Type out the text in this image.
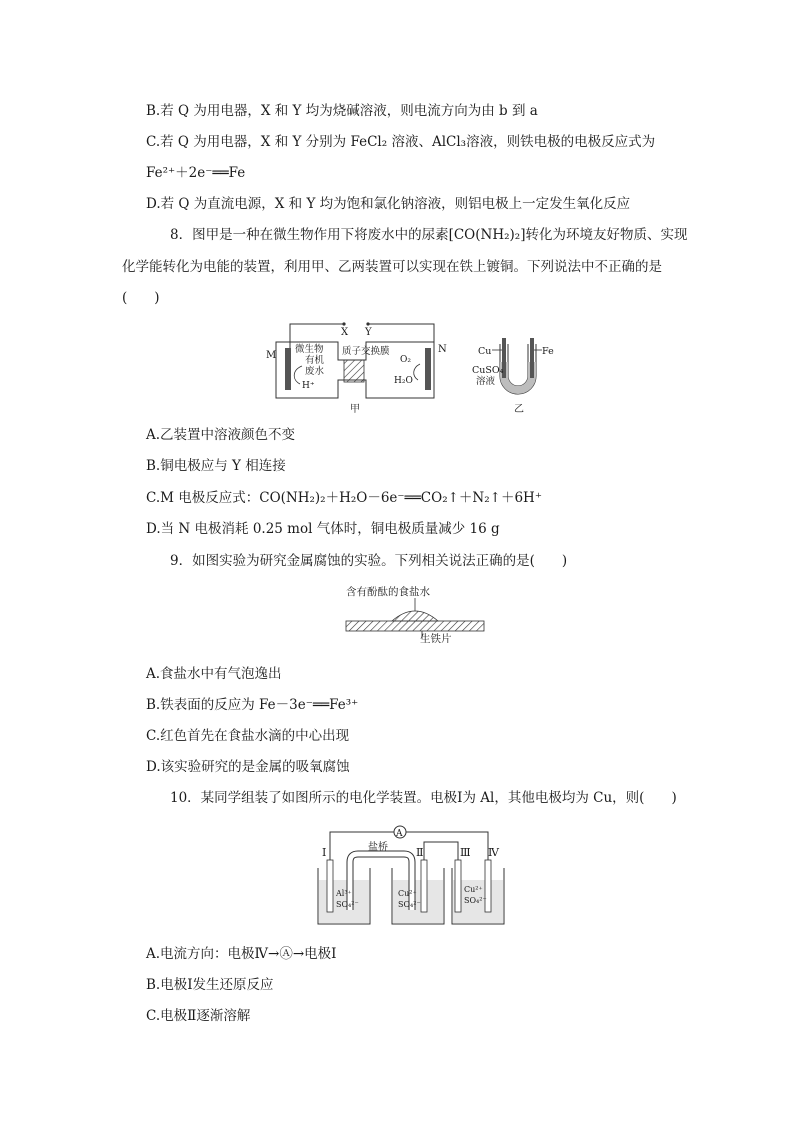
B.若 Q 为用电器，X 和 Y 均为烧碱溶液，则电流方向为由 b 到 a
C.若 Q 为用电器，X 和 Y 分别为 FeCl₂ 溶液、AlCl₃溶液，则铁电极的电极反应式为
Fe²⁺＋2e⁻══Fe
D.若 Q 为直流电源，X 和 Y 均为饱和氯化钠溶液，则铝电极上一定发生氧化反应
8．图甲是一种在微生物作用下将废水中的尿素[CO(NH₂)₂]转化为环境友好物质、实现
化学能转化为电能的装置，利用甲、乙两装置可以实现在铁上镀铜。下列说法中不正确的是
(　　)
X Y
M
N
微生物
有机
废水
H⁺
质子交换膜
O₂
H₂O
甲
Cu	Fe
CuSO₄
溶液
乙
A.乙装置中溶液颜色不变
B.铜电极应与 Y 相连接
C.M 电极反应式：CO(NH₂)₂＋H₂O－6e⁻══CO₂↑＋N₂↑＋6H⁺
D.当 N 电极消耗 0.25 mol 气体时，铜电极质量减少 16 g
9．如图实验为研究金属腐蚀的实验。下列相关说法正确的是(　　)
含有酚酞的食盐水
生铁片
A.食盐水中有气泡逸出
B.铁表面的反应为 Fe－3e⁻══Fe³⁺
C.红色首先在食盐水滴的中心出现
D.该实验研究的是金属的吸氧腐蚀
10．某同学组装了如图所示的电化学装置。电极Ⅰ为 Al，其他电极均为 Cu，则(　　)
A
Ⅰ	Ⅱ	Ⅲ Ⅳ
盐桥
Al³⁺
SO₄²⁻
Cu²⁺
SO₄²⁻
Cu²⁺
SO₄²⁻
A.电流方向：电极Ⅳ→Ⓐ→电极Ⅰ
B.电极Ⅰ发生还原反应
C.电极Ⅱ逐渐溶解
